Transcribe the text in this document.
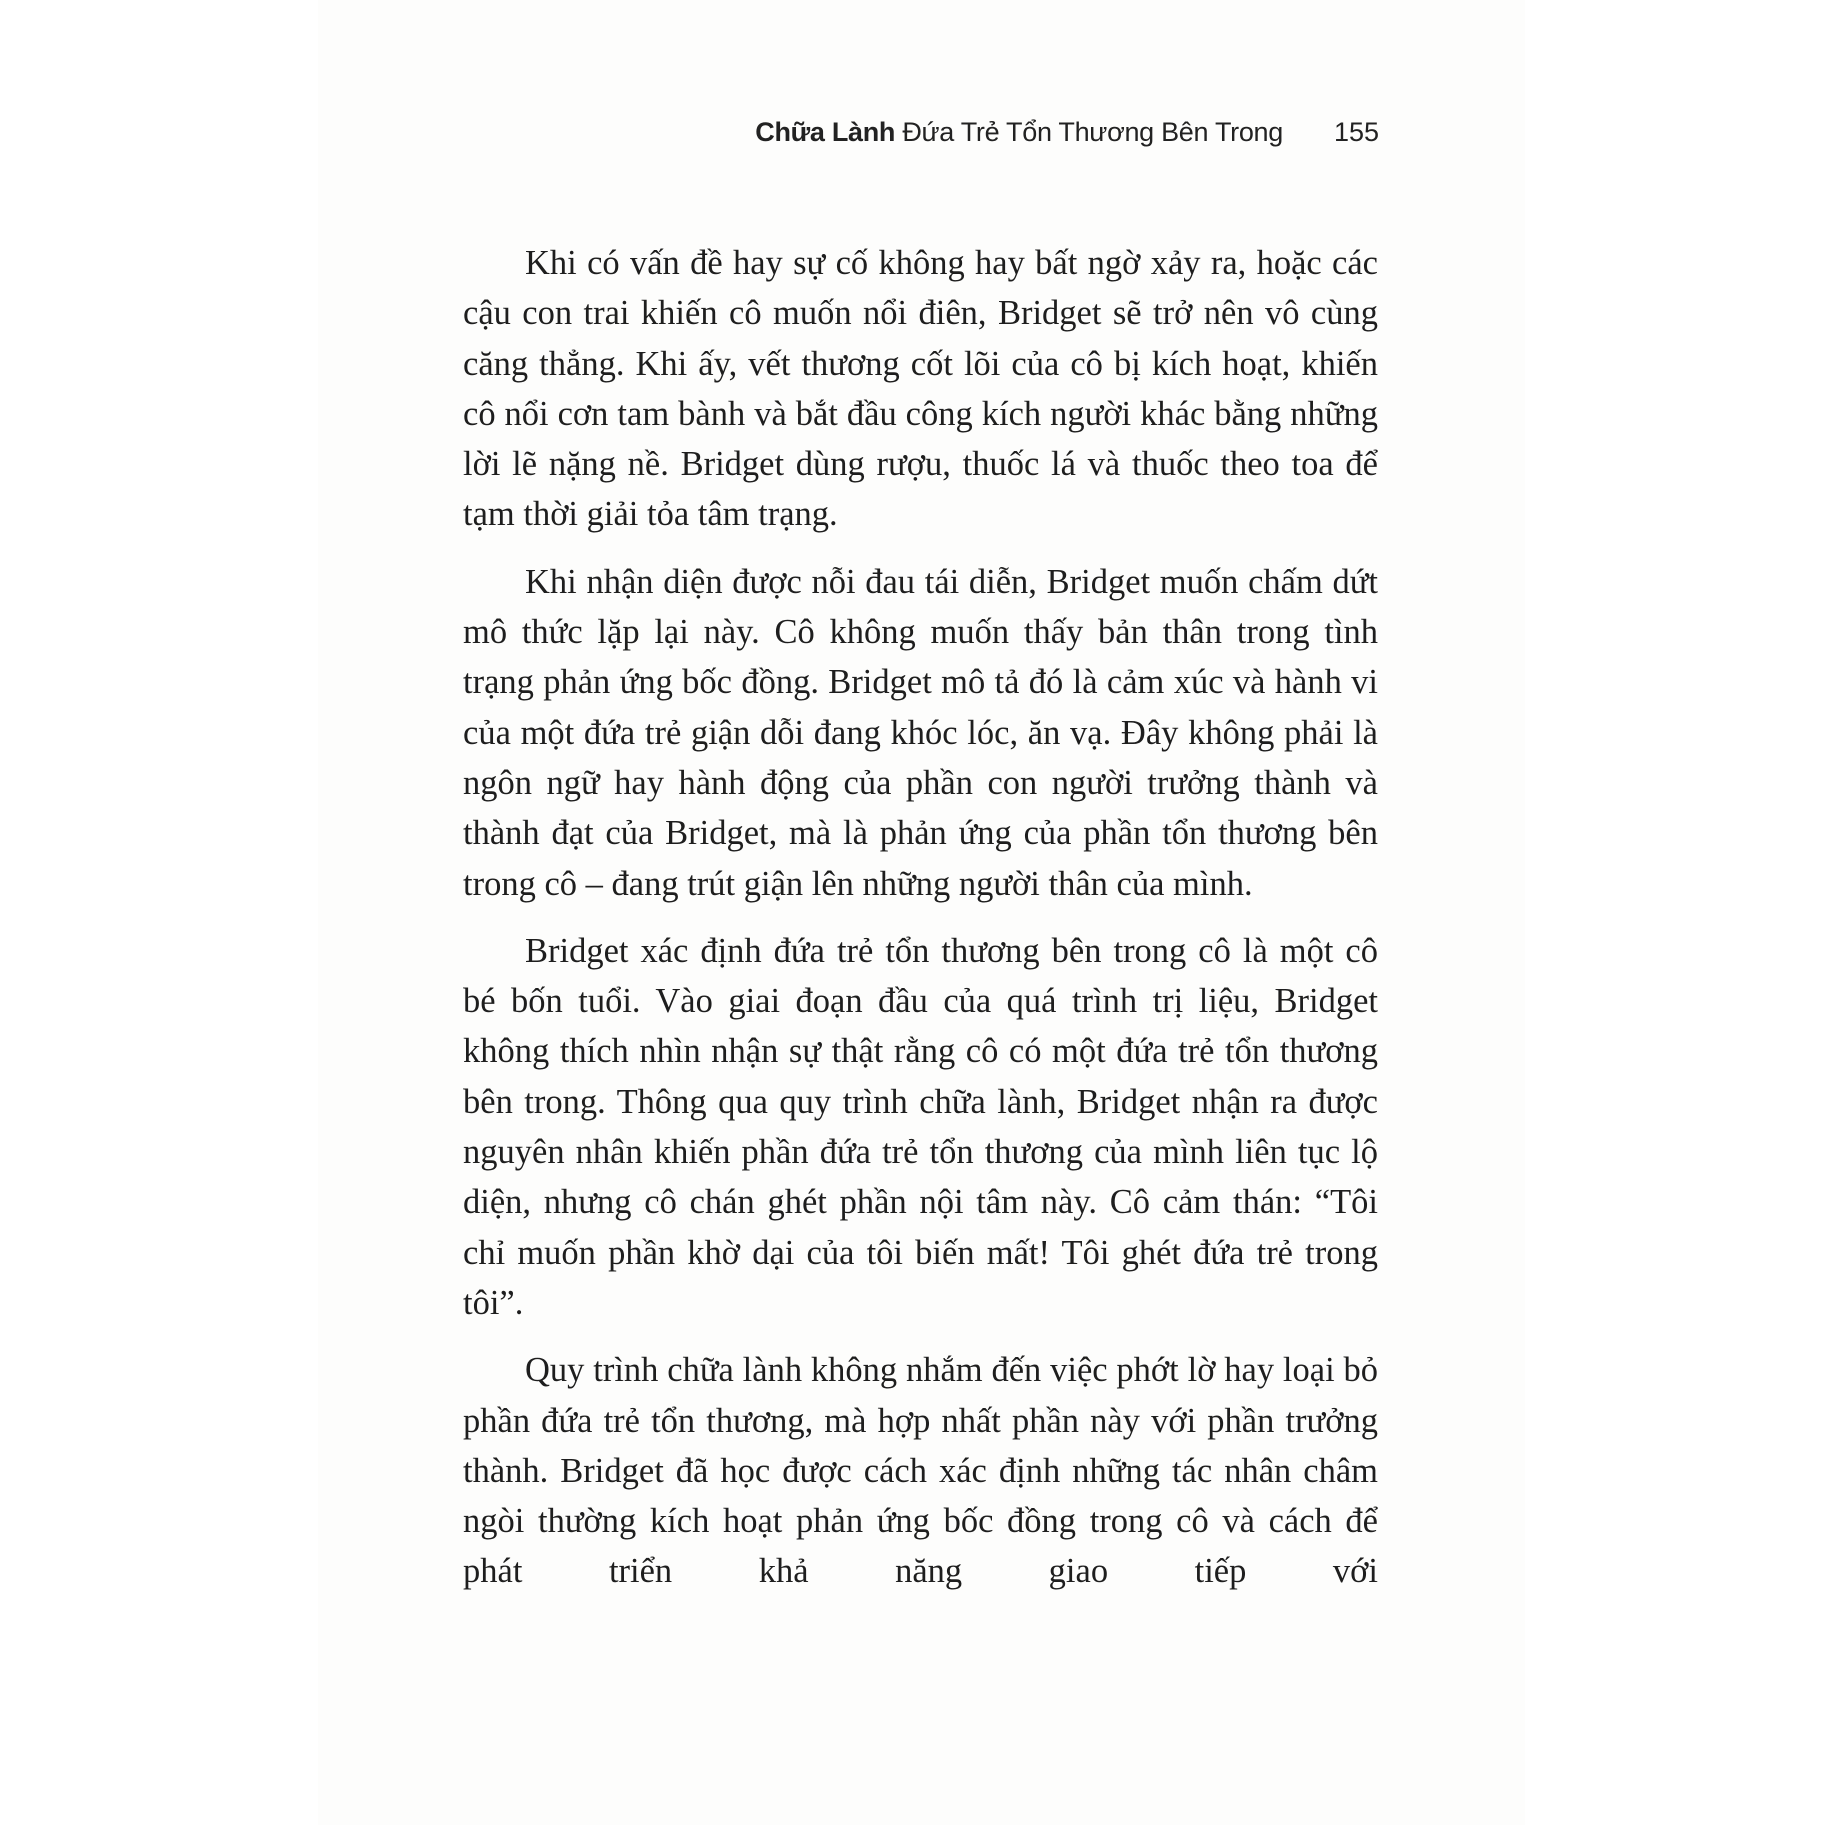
Chữa Lành Đứa Trẻ Tổn Thương Bên Trong 155

Khi có vấn đề hay sự cố không hay bất ngờ xảy ra, hoặc các cậu con trai khiến cô muốn nổi điên, Bridget sẽ trở nên vô cùng căng thẳng. Khi ấy, vết thương cốt lõi của cô bị kích hoạt, khiến cô nổi cơn tam bành và bắt đầu công kích người khác bằng những lời lẽ nặng nề. Bridget dùng rượu, thuốc lá và thuốc theo toa để tạm thời giải tỏa tâm trạng.

Khi nhận diện được nỗi đau tái diễn, Bridget muốn chấm dứt mô thức lặp lại này. Cô không muốn thấy bản thân trong tình trạng phản ứng bốc đồng. Bridget mô tả đó là cảm xúc và hành vi của một đứa trẻ giận dỗi đang khóc lóc, ăn vạ. Đây không phải là ngôn ngữ hay hành động của phần con người trưởng thành và thành đạt của Bridget, mà là phản ứng của phần tổn thương bên trong cô – đang trút giận lên những người thân của mình.

Bridget xác định đứa trẻ tổn thương bên trong cô là một cô bé bốn tuổi. Vào giai đoạn đầu của quá trình trị liệu, Bridget không thích nhìn nhận sự thật rằng cô có một đứa trẻ tổn thương bên trong. Thông qua quy trình chữa lành, Bridget nhận ra được nguyên nhân khiến phần đứa trẻ tổn thương của mình liên tục lộ diện, nhưng cô chán ghét phần nội tâm này. Cô cảm thán: “Tôi chỉ muốn phần khờ dại của tôi biến mất! Tôi ghét đứa trẻ trong tôi”.

Quy trình chữa lành không nhắm đến việc phớt lờ hay loại bỏ phần đứa trẻ tổn thương, mà hợp nhất phần này với phần trưởng thành. Bridget đã học được cách xác định những tác nhân châm ngòi thường kích hoạt phản ứng bốc đồng trong cô và cách để phát triển khả năng giao tiếp với
